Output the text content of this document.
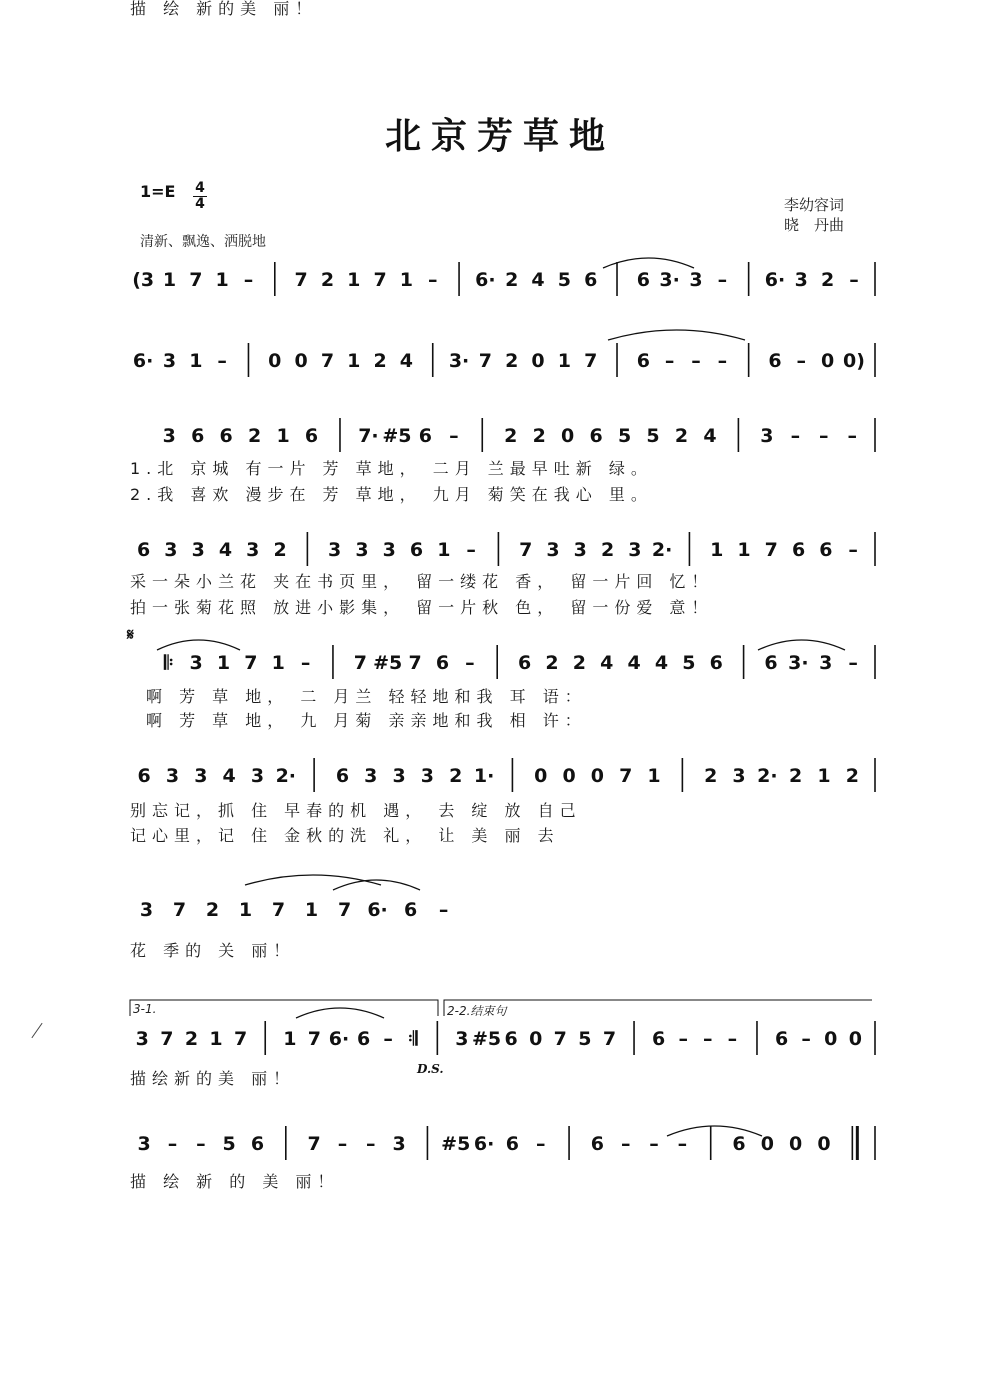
北京芳草地
1=E 4
4
清新、飘逸、洒脱地
李幼容词
晓　丹曲
𝄋
D.S.
3-1.	2-2.结束句
(3 1 7 1 – 7 2 1 7 1 – 6· 2 4 5 6 6 3· 3 – 6· 3 2 –
6· 3 1 – 0 0 7 1 2 4 3· 7 2 0 1 7 6 – – – 6 – 0 0)
3 6 6 2 1 6 7· #5 6 – 2 2 0 6 5 5 2 4 3 – – –
1.北 京城 有一片 芳 草地， 二月 兰最早吐新 绿。
2.我 喜欢 漫步在 芳 草地， 九月 菊笑在我心 里。
6 3 3 4 3 2 3 3 3 6 1 – 7 3 3 2 3 2· 1 1 7 6 6 –
采一朵小兰花 夹在书页里， 留一缕花 香， 留一片回 忆！
拍一张菊花照 放进小影集， 留一片秋 色， 留一份爱 意！
𝄆 3 1 7 1 – 7 #5 7 6 – 6 2 2 4 4 4 5 6 6 3· 3 –
啊 芳 草 地， 二 月兰 轻轻地和我 耳 语：
啊 芳 草 地， 九 月菊 亲亲地和我 相 许：
6 3 3 4 3 2· 6 3 3 3 2 1· 0 0 0 7 1 2 3 2· 2 1 2
别忘记，抓 住 早春的机 遇， 去 绽 放 自己
记心里，记 住 金秋的洗 礼， 让 美 丽 去
3 7 2 1 7 1 7 6· 6 –
花 季的 关 丽！
3 7 2 1 7 1 7 6· 6 – 𝄇 3 #5 6 0 7 5 7 6 – – – 6 – 0 0
描绘新的美 丽！
描 绘 新的美 丽！
3 – – 5 6 7 – – 3 #5 6· 6 – 6 – – – 6 0 0 0
描 绘 新 的 美 丽！
